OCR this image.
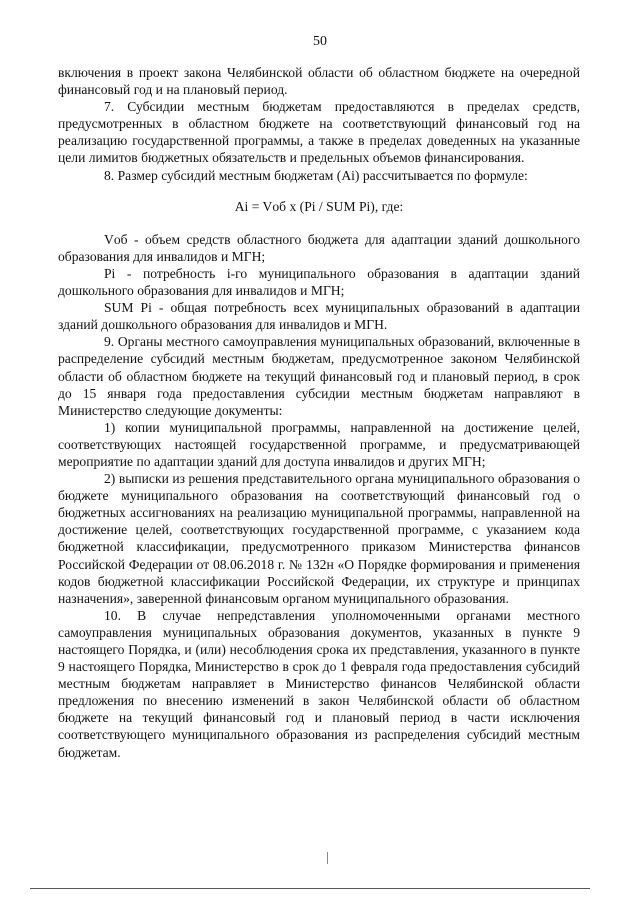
50

включения в проект закона Челябинской области об областном бюджете на очередной финансовый год и на плановый период.

7. Субсидии местным бюджетам предоставляются в пределах средств, предусмотренных в областном бюджете на соответствующий финансовый год на реализацию государственной программы, а также в пределах доведенных на указанные цели лимитов бюджетных обязательств и предельных объемов финансирования.

8. Размер субсидий местным бюджетам (Ai) рассчитывается по формуле:

Ai = Vоб x (Pi / SUM Pi), где:

Vоб - объем средств областного бюджета для адаптации зданий дошкольного образования для инвалидов и МГН;

Pi - потребность i-го муниципального образования в адаптации зданий дошкольного образования для инвалидов и МГН;

SUM Pi - общая потребность всех муниципальных образований в адаптации зданий дошкольного образования для инвалидов и МГН.

9. Органы местного самоуправления муниципальных образований, включенные в распределение субсидий местным бюджетам, предусмотренное законом Челябинской области об областном бюджете на текущий финансовый год и плановый период, в срок до 15 января года предоставления субсидии местным бюджетам направляют в Министерство следующие документы:

1) копии муниципальной программы, направленной на достижение целей, соответствующих настоящей государственной программе, и предусматривающей мероприятие по адаптации зданий для доступа инвалидов и других МГН;

2) выписки из решения представительного органа муниципального образования о бюджете муниципального образования на соответствующий финансовый год о бюджетных ассигнованиях на реализацию муниципальной программы, направленной на достижение целей, соответствующих государственной программе, с указанием кода бюджетной классификации, предусмотренного приказом Министерства финансов Российской Федерации от 08.06.2018 г. № 132н «О Порядке формирования и применения кодов бюджетной классификации Российской Федерации, их структуре и принципах назначения», заверенной финансовым органом муниципального образования.

10. В случае непредставления уполномоченными органами местного самоуправления муниципальных образования документов, указанных в пункте 9 настоящего Порядка, и (или) несоблюдения срока их представления, указанного в пункте 9 настоящего Порядка, Министерство в срок до 1 февраля года предоставления субсидий местным бюджетам направляет в Министерство финансов Челябинской области предложения по внесению изменений в закон Челябинской области об областном бюджете на текущий финансовый год и плановый период в части исключения соответствующего муниципального образования из распределения субсидий местным бюджетам.
